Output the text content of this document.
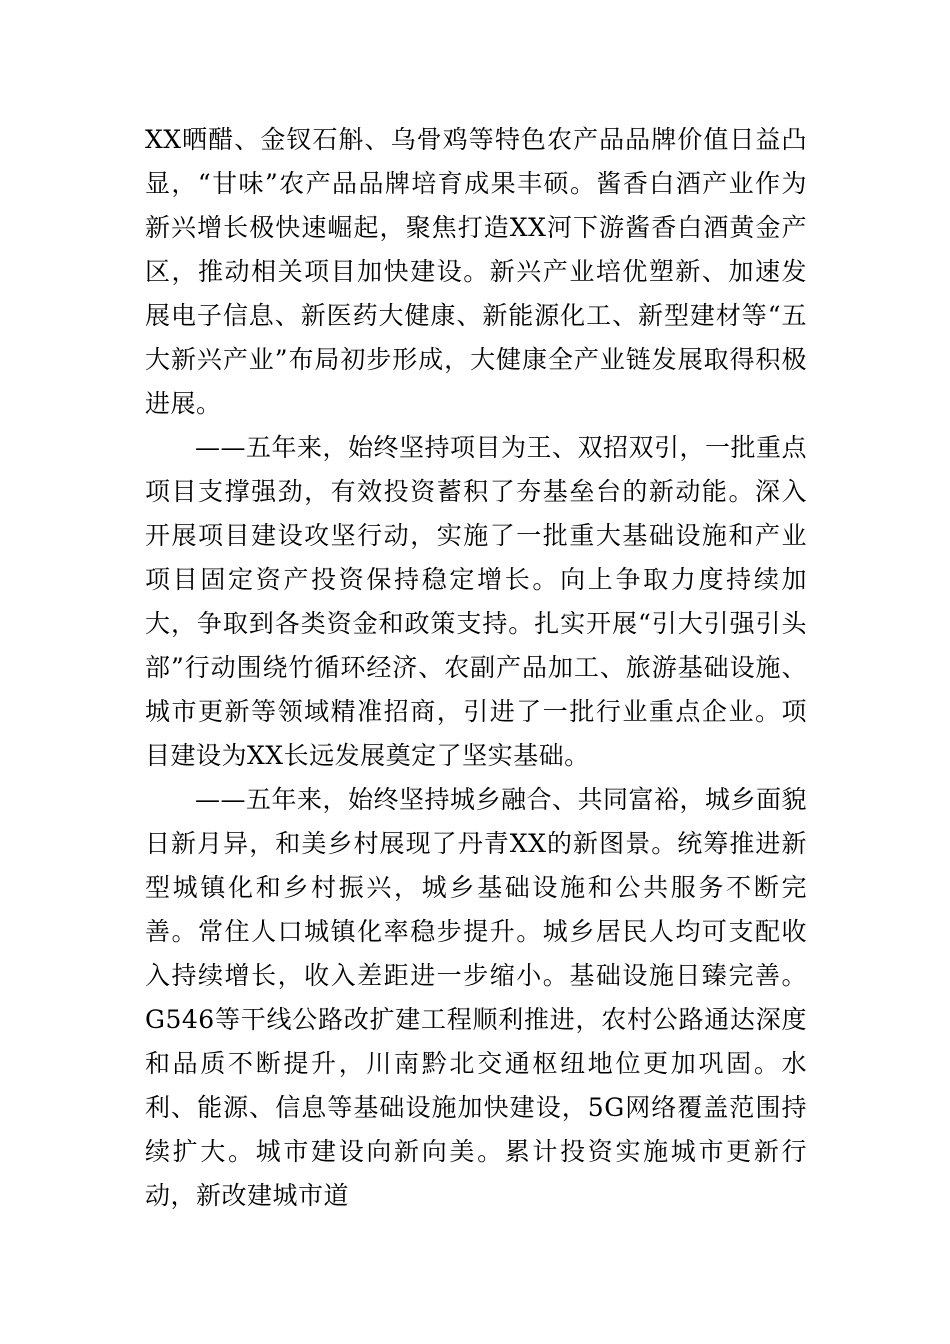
XX晒醋、金钗石斛、乌骨鸡等特色农产品品牌价值日益凸显，“甘味”农产品品牌培育成果丰硕。酱香白酒产业作为新兴增长极快速崛起，聚焦打造XX河下游酱香白酒黄金产区，推动相关项目加快建设。新兴产业培优塑新、加速发展电子信息、新医药大健康、新能源化工、新型建材等“五大新兴产业”布局初步形成，大健康全产业链发展取得积极进展。

——五年来，始终坚持项目为王、双招双引，一批重点项目支撑强劲，有效投资蓄积了夯基垒台的新动能。深入开展项目建设攻坚行动，实施了一批重大基础设施和产业项目固定资产投资保持稳定增长。向上争取力度持续加大，争取到各类资金和政策支持。扎实开展“引大引强引头部”行动围绕竹循环经济、农副产品加工、旅游基础设施、城市更新等领域精准招商，引进了一批行业重点企业。项目建设为XX长远发展奠定了坚实基础。

——五年来，始终坚持城乡融合、共同富裕，城乡面貌日新月异，和美乡村展现了丹青XX的新图景。统筹推进新型城镇化和乡村振兴，城乡基础设施和公共服务不断完善。常住人口城镇化率稳步提升。城乡居民人均可支配收入持续增长，收入差距进一步缩小。基础设施日臻完善。G546等干线公路改扩建工程顺利推进，农村公路通达深度和品质不断提升，川南黔北交通枢纽地位更加巩固。水利、能源、信息等基础设施加快建设，5G网络覆盖范围持续扩大。城市建设向新向美。累计投资实施城市更新行动，新改建城市道
